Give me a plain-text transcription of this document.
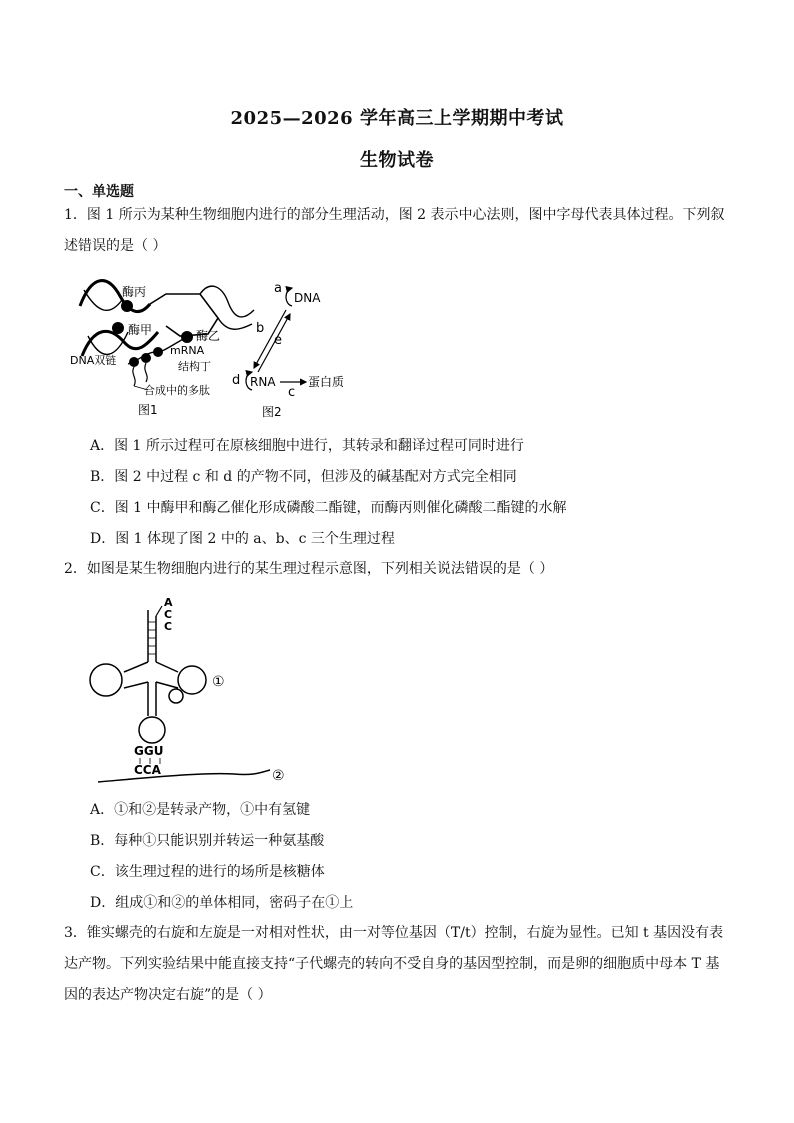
2025—2026 学年高三上学期期中考试
生物试卷
一、单选题
1．图 1 所示为某种生物细胞内进行的部分生理活动，图 2 表示中心法则，图中字母代表具体过程。下列叙
述错误的是（ ）
酶丙
酶甲	酶乙
mRNA
结构丁
DNA双链
合成中的多肽
图1
a
DNA
b
e
d RNA
c
蛋白质
图2
A．图 1 所示过程可在原核细胞中进行，其转录和翻译过程可同时进行
B．图 2 中过程 c 和 d 的产物不同，但涉及的碱基配对方式完全相同
C．图 1 中酶甲和酶乙催化形成磷酸二酯键，而酶丙则催化磷酸二酯键的水解
D．图 1 体现了图 2 中的 a、b、c 三个生理过程
2．如图是某生物细胞内进行的某生理过程示意图，下列相关说法错误的是（ ）
A
C
C
GGU
CCA	②
①
A．①和②是转录产物，①中有氢键
B．每种①只能识别并转运一种氨基酸
C．该生理过程的进行的场所是核糖体
D．组成①和②的单体相同，密码子在①上
3．锥实螺壳的右旋和左旋是一对相对性状，由一对等位基因（T/t）控制，右旋为显性。已知 t 基因没有表
达产物。下列实验结果中能直接支持“子代螺壳的转向不受自身的基因型控制，而是卵的细胞质中母本 T 基
因的表达产物决定右旋”的是（ ）
